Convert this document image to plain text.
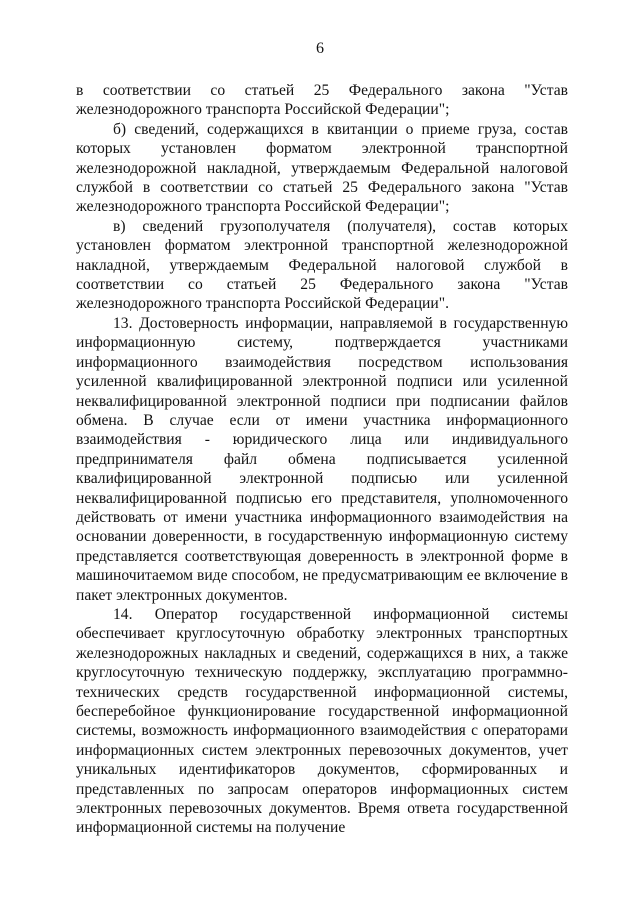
6

в соответствии со статьей 25 Федерального закона "Устав железнодорожного транспорта Российской Федерации";

б) сведений, содержащихся в квитанции о приеме груза, состав которых установлен форматом электронной транспортной железнодорожной накладной, утверждаемым Федеральной налоговой службой в соответствии со статьей 25 Федерального закона "Устав железнодорожного транспорта Российской Федерации";

в) сведений грузополучателя (получателя), состав которых установлен форматом электронной транспортной железнодорожной накладной, утверждаемым Федеральной налоговой службой в соответствии со статьей 25 Федерального закона "Устав железнодорожного транспорта Российской Федерации".

13. Достоверность информации, направляемой в государственную информационную систему, подтверждается участниками информационного взаимодействия посредством использования усиленной квалифицированной электронной подписи или усиленной неквалифицированной электронной подписи при подписании файлов обмена. В случае если от имени участника информационного взаимодействия - юридического лица или индивидуального предпринимателя файл обмена подписывается усиленной квалифицированной электронной подписью или усиленной неквалифицированной подписью его представителя, уполномоченного действовать от имени участника информационного взаимодействия на основании доверенности, в государственную информационную систему представляется соответствующая доверенность в электронной форме в машиночитаемом виде способом, не предусматривающим ее включение в пакет электронных документов.

14. Оператор государственной информационной системы обеспечивает круглосуточную обработку электронных транспортных железнодорожных накладных и сведений, содержащихся в них, а также круглосуточную техническую поддержку, эксплуатацию программно-технических средств государственной информационной системы, бесперебойное функционирование государственной информационной системы, возможность информационного взаимодействия с операторами информационных систем электронных перевозочных документов, учет уникальных идентификаторов документов, сформированных и представленных по запросам операторов информационных систем электронных перевозочных документов. Время ответа государственной информационной системы на получение
